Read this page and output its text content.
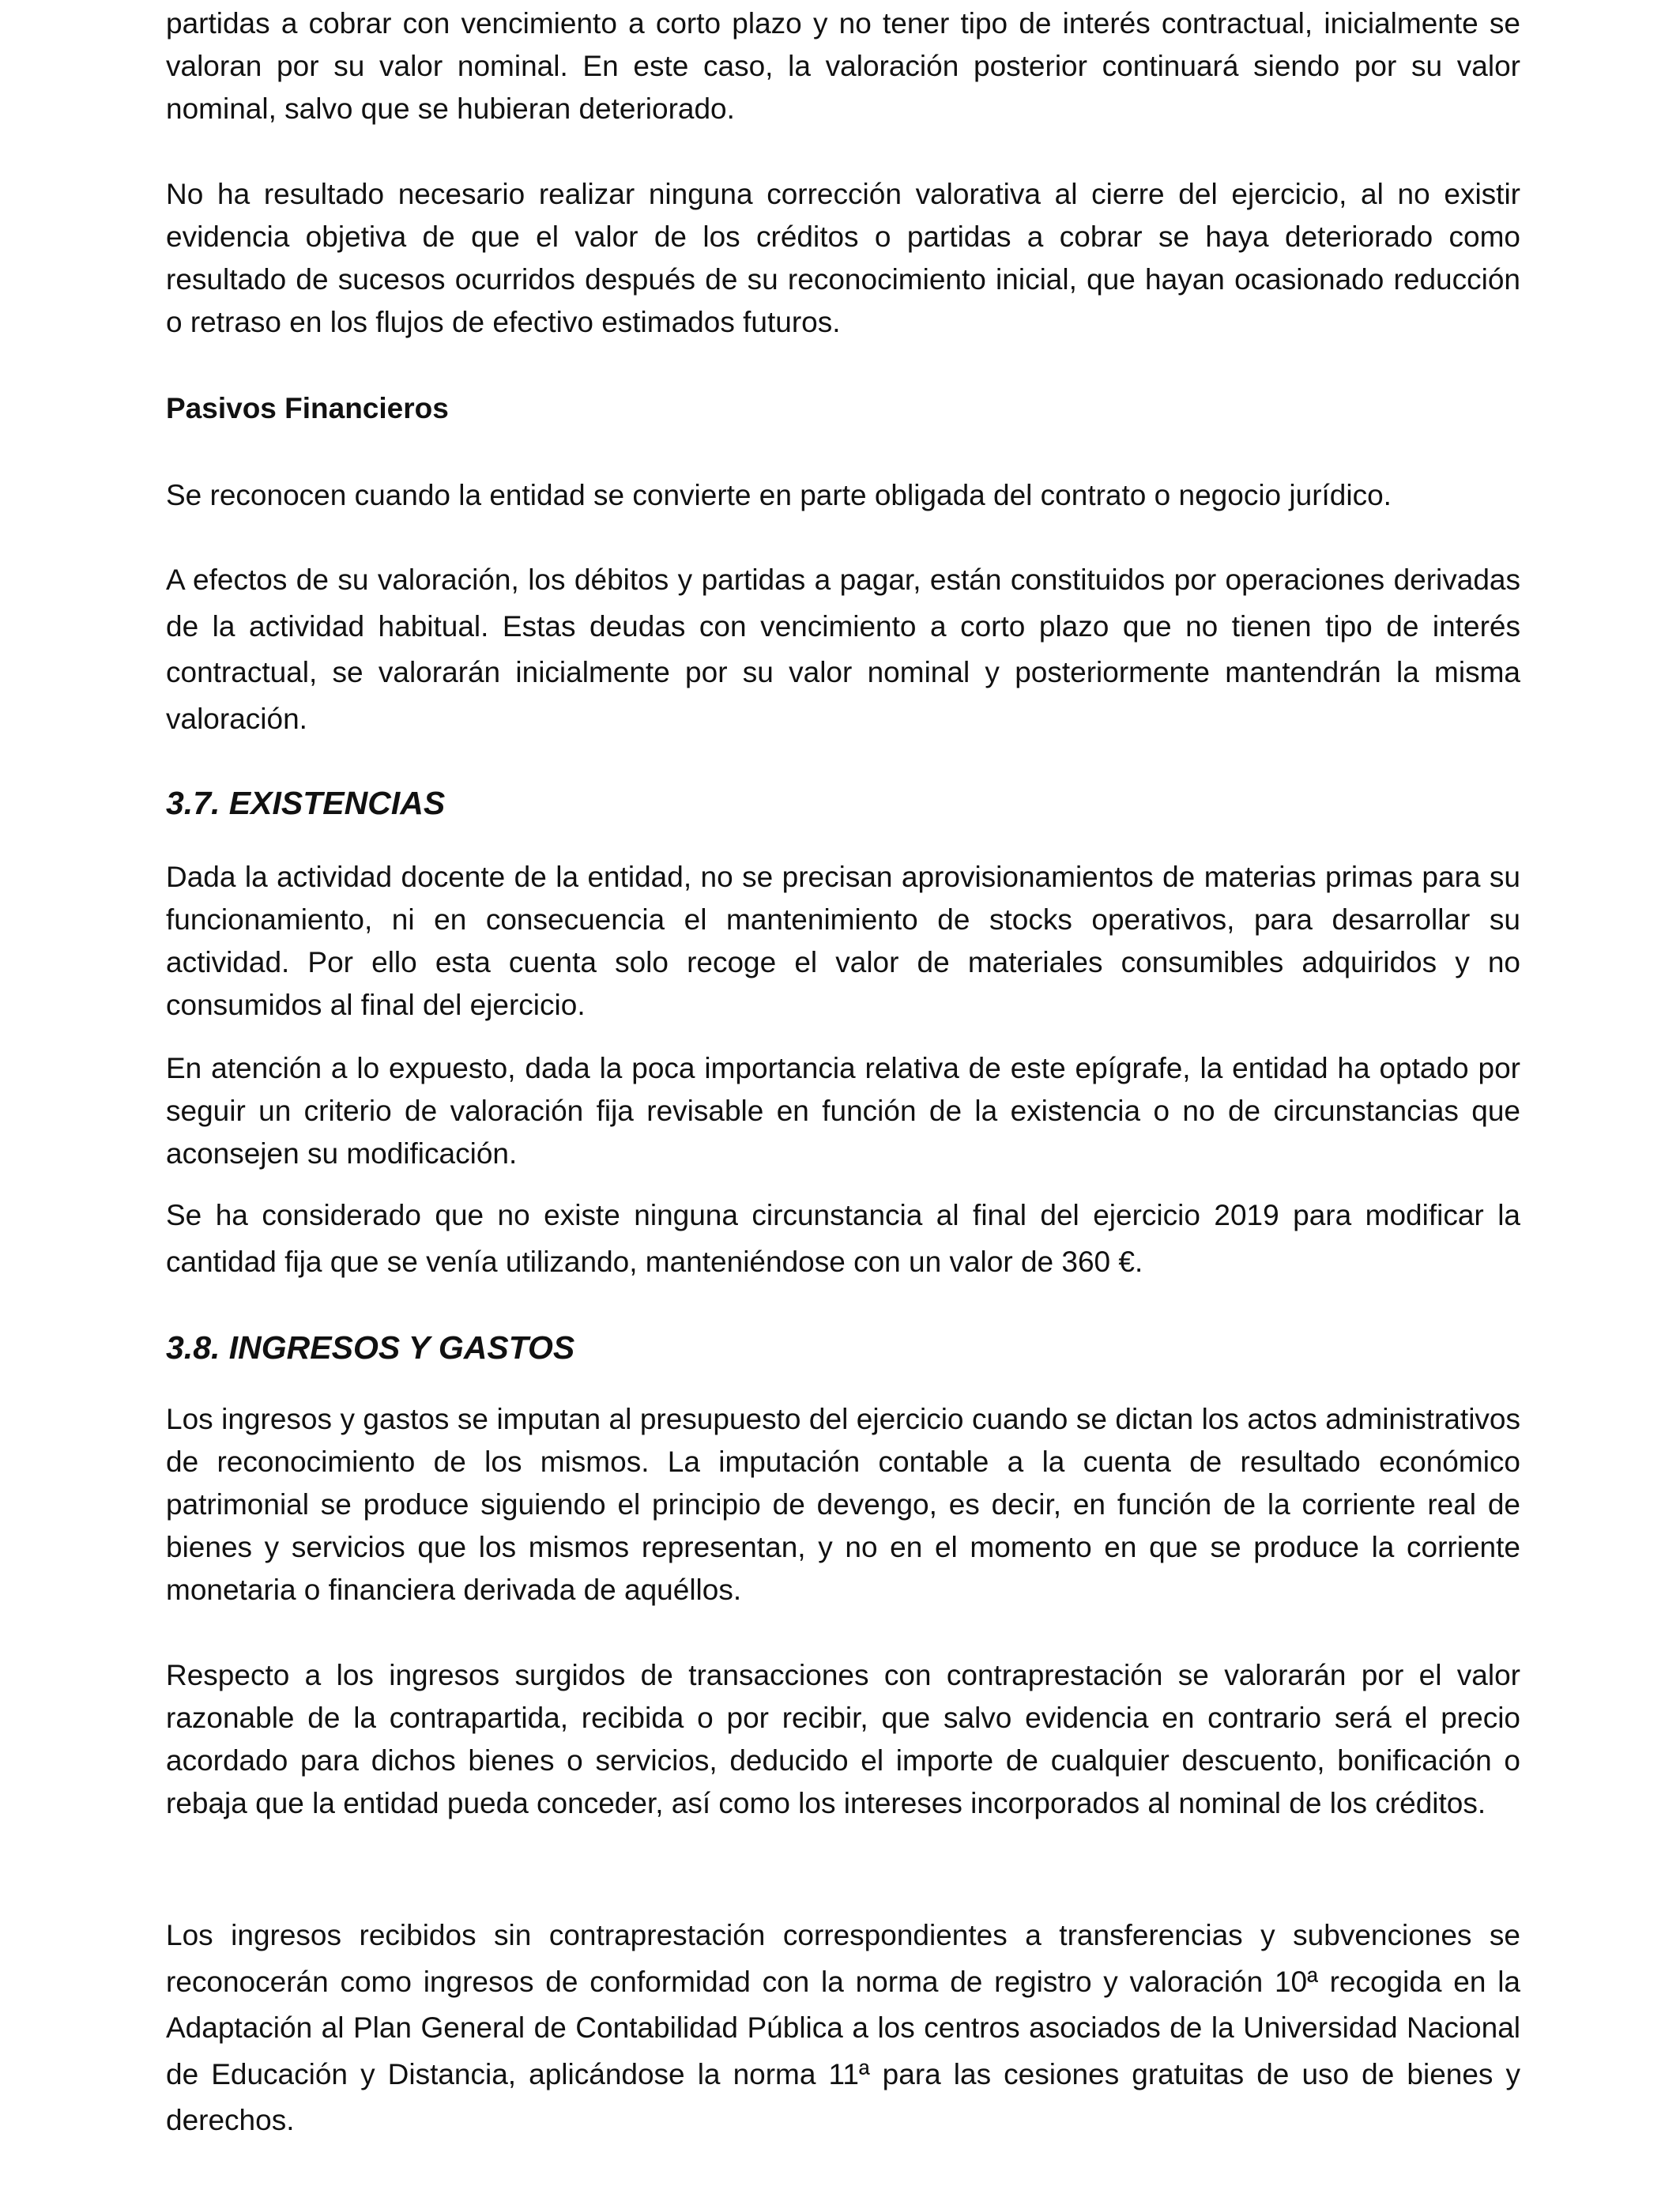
partidas a cobrar con vencimiento a corto plazo y no tener tipo de interés contractual, inicialmente se valoran por su valor nominal. En este caso, la valoración posterior continuará siendo por su valor nominal, salvo que se hubieran deteriorado.

No ha resultado necesario realizar ninguna corrección valorativa al cierre del ejercicio, al no existir evidencia objetiva de que el valor de los créditos o partidas a cobrar se haya deteriorado como resultado de sucesos ocurridos después de su reconocimiento inicial, que hayan ocasionado reducción o retraso en los flujos de efectivo estimados futuros.

Pasivos Financieros

Se reconocen cuando la entidad se convierte en parte obligada del contrato o negocio jurídico.

A efectos de su valoración, los débitos y partidas a pagar, están constituidos por operaciones derivadas de la actividad habitual. Estas deudas con vencimiento a corto plazo que no tienen tipo de interés contractual, se valorarán inicialmente por su valor nominal y posteriormente mantendrán la misma valoración.

3.7. EXISTENCIAS

Dada la actividad docente de la entidad, no se precisan aprovisionamientos de materias primas para su funcionamiento, ni en consecuencia el mantenimiento de stocks operativos, para desarrollar su actividad. Por ello esta cuenta solo recoge el valor de materiales consumibles adquiridos y no consumidos al final del ejercicio.

En atención a lo expuesto, dada la poca importancia relativa de este epígrafe, la entidad ha optado por seguir un criterio de valoración fija revisable en función de la existencia o no de circunstancias que aconsejen su modificación.

Se ha considerado que no existe ninguna circunstancia al final del ejercicio 2019 para modificar la cantidad fija que se venía utilizando, manteniéndose con un valor de 360 €.

3.8. INGRESOS Y GASTOS

Los ingresos y gastos se imputan al presupuesto del ejercicio cuando se dictan los actos administrativos de reconocimiento de los mismos. La imputación contable a la cuenta de resultado económico patrimonial se produce siguiendo el principio de devengo, es decir, en función de la corriente real de bienes y servicios que los mismos representan, y no en el momento en que se produce la corriente monetaria o financiera derivada de aquéllos.

Respecto a los ingresos surgidos de transacciones con contraprestación se valorarán por el valor razonable de la contrapartida, recibida o por recibir, que salvo evidencia en contrario será el precio acordado para dichos bienes o servicios, deducido el importe de cualquier descuento, bonificación o rebaja que la entidad pueda conceder, así como los intereses incorporados al nominal de los créditos.

Los ingresos recibidos sin contraprestación correspondientes a transferencias y subvenciones se reconocerán como ingresos de conformidad con la norma de registro y valoración 10ª recogida en la Adaptación al Plan General de Contabilidad Pública a los centros asociados de la Universidad Nacional de Educación y Distancia, aplicándose la norma 11ª para las cesiones gratuitas de uso de bienes y derechos.
